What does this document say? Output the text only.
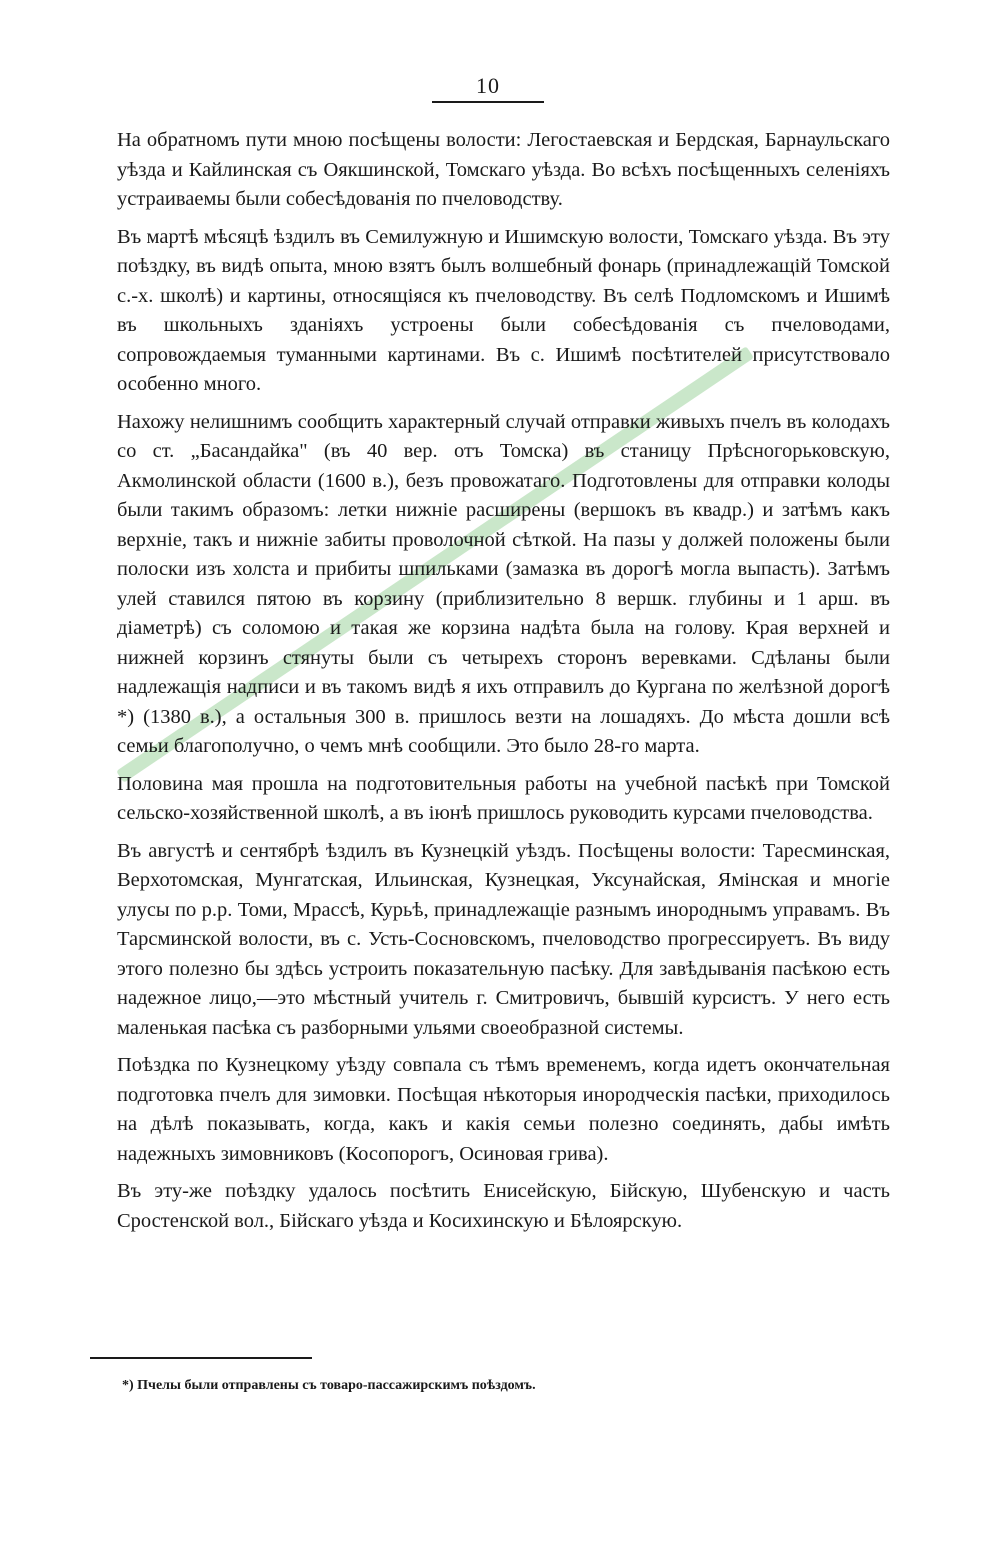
10

На обратномъ пути мною посѣщены волости: Легостаевская и Бердская, Барнаульскаго уѣзда и Кайлинская съ Оякшинской, Томскаго уѣзда. Во всѣхъ посѣщенныхъ селеніяхъ устраиваемы были собесѣдованія по пчеловодству.

Въ мартѣ мѣсяцѣ ѣздилъ въ Семилужную и Ишимскую волости, Томскаго уѣзда. Въ эту поѣздку, въ видѣ опыта, мною взятъ былъ волшебный фонарь (принадлежащій Томской с.-х. школѣ) и картины, относящіяся къ пчеловодству. Въ селѣ Подломскомъ и Ишимѣ въ школьныхъ зданіяхъ устроены были собесѣдованія съ пчеловодами, сопровождаемыя туманными картинами. Въ с. Ишимѣ посѣтителей присутствовало особенно много.

Нахожу нелишнимъ сообщить характерный случай отправки живыхъ пчелъ въ колодахъ со ст. „Басандайка" (въ 40 вер. отъ Томска) въ станицу Прѣсногорьковскую, Акмолинской области (1600 в.), безъ провожатаго. Подготовлены для отправки колоды были такимъ образомъ: летки нижніе расширены (вершокъ въ квадр.) и затѣмъ какъ верхніе, такъ и нижніе забиты проволочной сѣткой. На пазы у должей положены были полоски изъ холста и прибиты шпильками (замазка въ дорогѣ могла выпасть). Затѣмъ улей ставился пятою въ корзину (приблизительно 8 вершк. глубины и 1 арш. въ діаметрѣ) съ соломою и такая же корзина надѣта была на голову. Края верхней и нижней корзинъ стянуты были съ четырехъ сторонъ веревками. Сдѣланы были надлежащія надписи и въ такомъ видѣ я ихъ отправилъ до Кургана по желѣзной дорогѣ *) (1380 в.), а остальныя 300 в. пришлось везти на лошадяхъ. До мѣста дошли всѣ семьи благополучно, о чемъ мнѣ сообщили. Это было 28-го марта.

Половина мая прошла на подготовительныя работы на учебной пасѣкѣ при Томской сельско-хозяйственной школѣ, а въ іюнѣ пришлось руководить курсами пчеловодства.

Въ августѣ и сентябрѣ ѣздилъ въ Кузнецкій уѣздъ. Посѣщены волости: Таресминская, Верхотомская, Мунгатская, Ильинская, Кузнецкая, Уксунайская, Ямінская и многіе улусы по р.р. Томи, Мрассѣ, Курьѣ, принадлежащіе разнымъ инороднымъ управамъ. Въ Тарсминской волости, въ с. Усть-Сосновскомъ, пчеловодство прогрессируетъ. Въ виду этого полезно бы здѣсь устроить показательную пасѣку. Для завѣдыванія пасѣкою есть надежное лицо,—это мѣстный учитель г. Смитровичъ, бывшій курсистъ. У него есть маленькая пасѣка съ разборными ульями своеобразной системы.

Поѣздка по Кузнецкому уѣзду совпала съ тѣмъ временемъ, когда идетъ окончательная подготовка пчелъ для зимовки. Посѣщая нѣкоторыя инородческія пасѣки, приходилось на дѣлѣ показывать, когда, какъ и какія семьи полезно соединять, дабы имѣть надежныхъ зимовниковъ (Косопорогъ, Осиновая грива).

Въ эту-же поѣздку удалось посѣтить Енисейскую, Бійскую, Шубенскую и часть Сростенской вол., Бійскаго уѣзда и Косихинскую и Бѣлоярскую.

*) Пчелы были отправлены съ товаро-пассажирскимъ поѣздомъ.
